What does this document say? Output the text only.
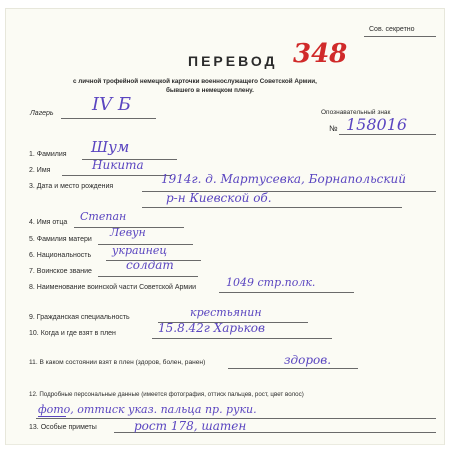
Сов. секретно
ПЕРЕВОД 348
с личной трофейной немецкой карточки военнослужащего Советской Армии,
бывшего в немецком плену.
Лагерь IV Б	Опознавательный знак
№ 158016
1. Фамилия Шум
2. Имя	Никита
3. Дата и место рождения
1914г. д. Мартусевка, Борнапольский
р-н Киевской об.
4. Имя отца Степан
5. Фамилия матери
Левун
6. Национальность украинец
7. Воинское звание	солдат
8. Наименование воинской части Советской Армии	1049 стр.полк.
9. Гражданская специальность	крестьянин
10. Когда и где взят в плен	15.8.42г Харьков
11. В каком состоянии взят в плен (здоров, болен, ранен)	здоров.
12. Подробные персональные данные (имеется фотография, оттиск пальцев, рост, цвет волос)
фото, оттиск указ. пальца пр. руки.
13. Особые приметы	рост 178, шатен
